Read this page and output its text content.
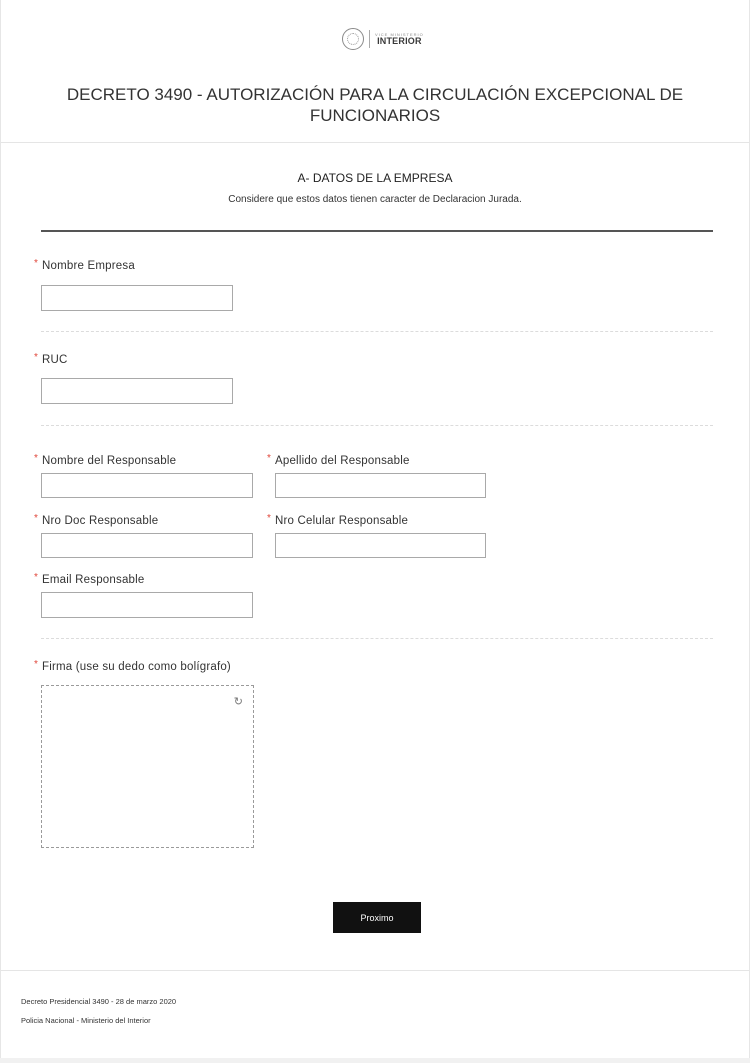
VICE MINISTERIO
INTERIOR
DECRETO 3490 - AUTORIZACIÓN PARA LA CIRCULACIÓN EXCEPCIONAL DE FUNCIONARIOS
A- DATOS DE LA EMPRESA
Considere que estos datos tienen caracter de Declaracion Jurada.
* Nombre Empresa
* RUC
* Nombre del Responsable	* Apellido del Responsable
* Nro Doc Responsable	* Nro Celular Responsable
* Email Responsable
* Firma (use su dedo como bolígrafo)
↻
Proximo
Decreto Presidencial 3490 - 28 de marzo 2020
Policia Nacional - Ministerio del Interior
